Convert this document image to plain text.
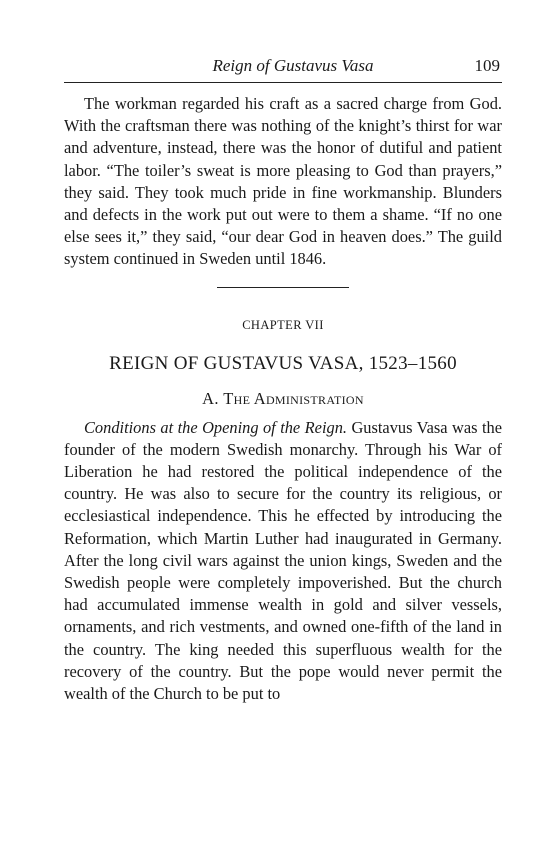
Reign of Gustavus Vasa	109

The workman regarded his craft as a sacred charge from God. With the craftsman there was nothing of the knight’s thirst for war and adventure, instead, there was the honor of dutiful and patient labor. “The toiler’s sweat is more pleasing to God than prayers,” they said. They took much pride in fine workmanship. Blunders and defects in the work put out were to them a shame. “If no one else sees it,” they said, “our dear God in heaven does.” The guild system continued in Sweden until 1846.

CHAPTER VII
REIGN OF GUSTAVUS VASA, 1523–1560
A. The Administration

Conditions at the Opening of the Reign. Gustavus Vasa was the founder of the modern Swedish monarchy. Through his War of Liberation he had restored the political independence of the country. He was also to secure for the country its religious, or ecclesiastical independence. This he effected by introducing the Reformation, which Martin Luther had inaugurated in Germany. After the long civil wars against the union kings, Sweden and the Swedish people were completely impoverished. But the church had accumulated immense wealth in gold and silver vessels, ornaments, and rich vestments, and owned one-fifth of the land in the country. The king needed this superfluous wealth for the recovery of the country. But the pope would never permit the wealth of the Church to be put to
